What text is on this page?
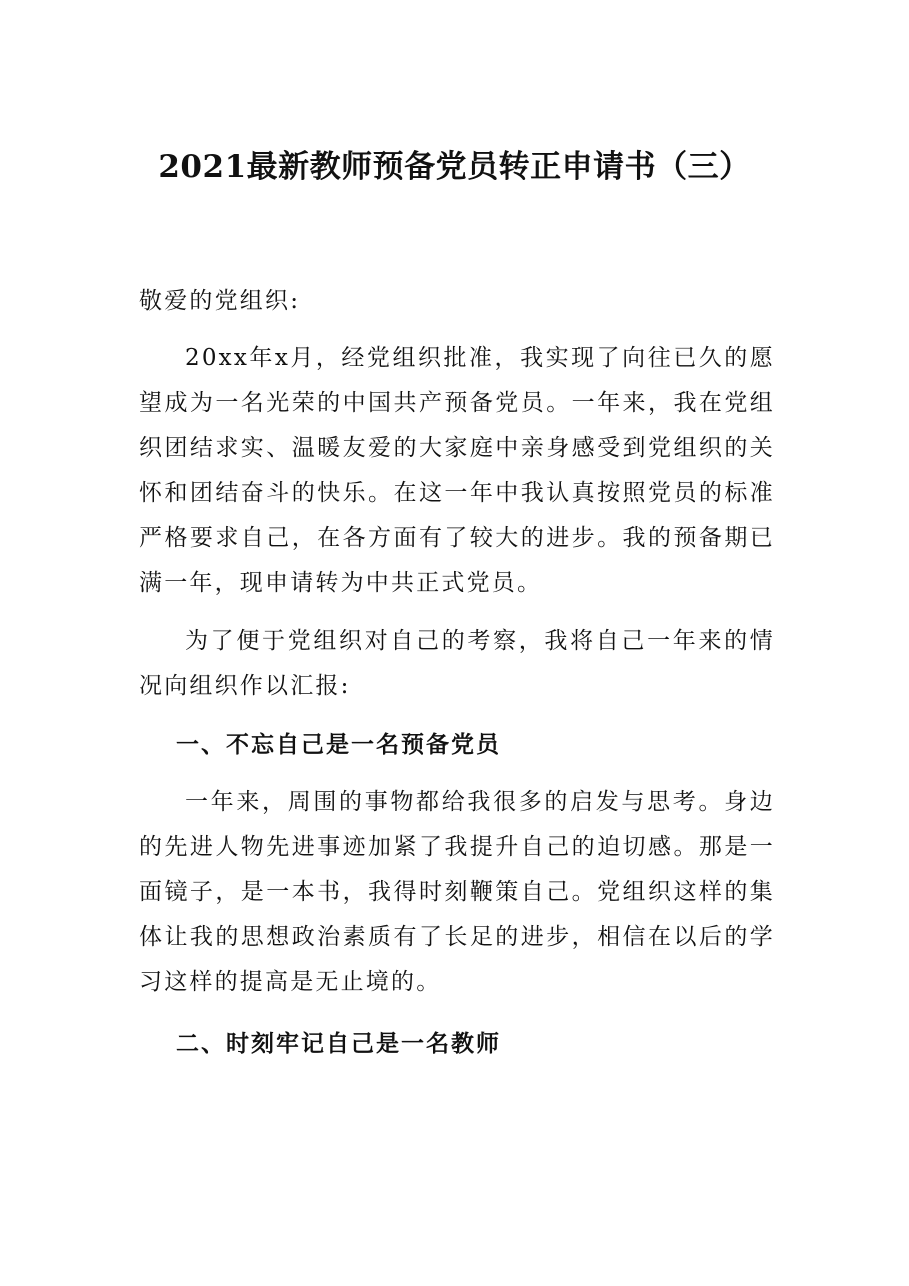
2021最新教师预备党员转正申请书（三）

敬爱的党组织:

20xx年x月，经党组织批准，我实现了向往已久的愿望成为一名光荣的中国共产预备党员。一年来，我在党组织团结求实、温暖友爱的大家庭中亲身感受到党组织的关怀和团结奋斗的快乐。在这一年中我认真按照党员的标准严格要求自己，在各方面有了较大的进步。我的预备期已满一年，现申请转为中共正式党员。

为了便于党组织对自己的考察，我将自己一年来的情况向组织作以汇报:

一、不忘自己是一名预备党员

一年来，周围的事物都给我很多的启发与思考。身边的先进人物先进事迹加紧了我提升自己的迫切感。那是一面镜子，是一本书，我得时刻鞭策自己。党组织这样的集体让我的思想政治素质有了长足的进步，相信在以后的学习这样的提高是无止境的。

二、时刻牢记自己是一名教师
